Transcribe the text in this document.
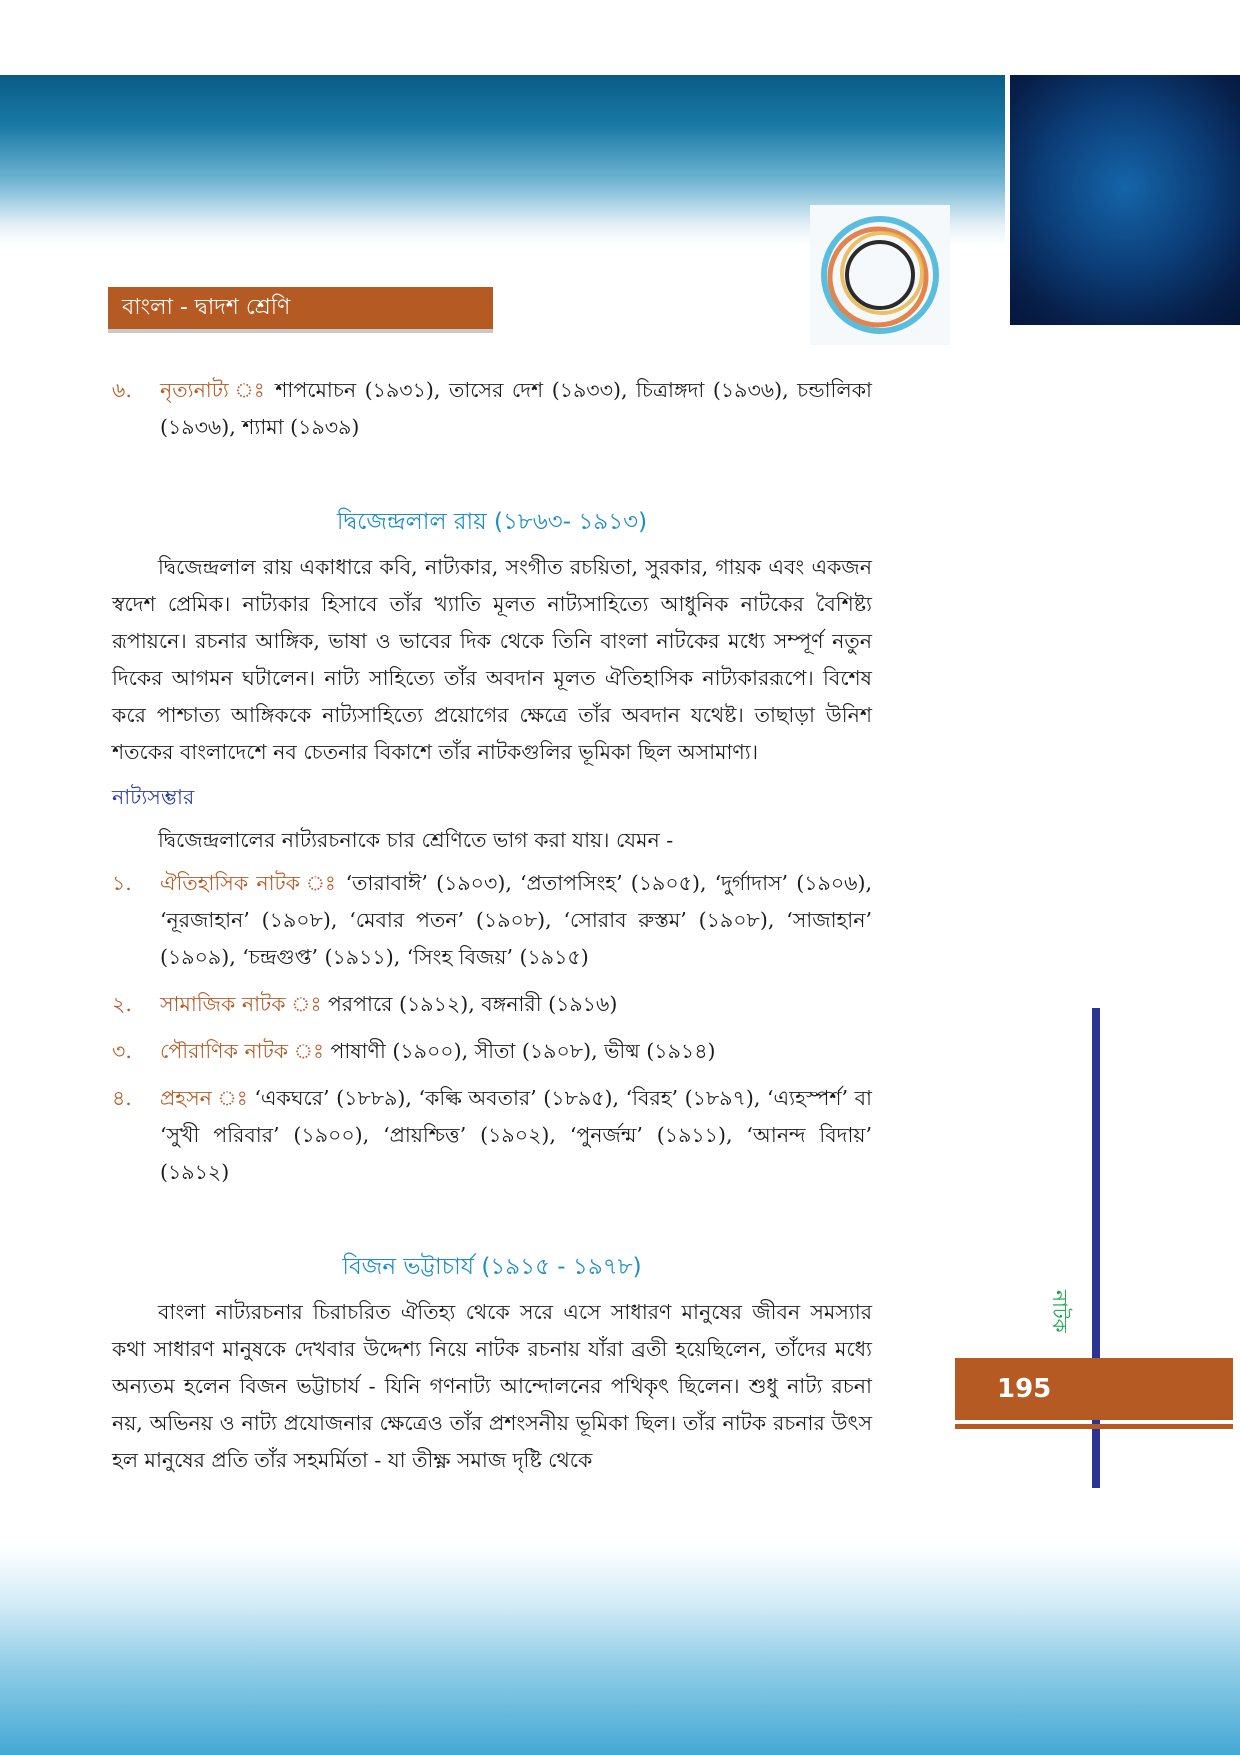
বাংলা - দ্বাদশ শ্রেণি
৬.	নৃত্যনাট্য ঃ শাপমোচন (১৯৩১), তাসের দেশ (১৯৩৩), চিত্রাঙ্গদা (১৯৩৬), চন্ডালিকা (১৯৩৬), শ্যামা (১৯৩৯)
দ্বিজেন্দ্রলাল রায় (১৮৬৩- ১৯১৩)

দ্বিজেন্দ্রলাল রায় একাধারে কবি, নাট্যকার, সংগীত রচয়িতা, সুরকার, গায়ক এবং একজন স্বদেশ প্রেমিক। নাট্যকার হিসাবে তাঁর খ্যাতি মূলত নাট্যসাহিত্যে আধুনিক নাটকের বৈশিষ্ট্য রূপায়নে। রচনার আঙ্গিক, ভাষা ও ভাবের দিক থেকে তিনি বাংলা নাটকের মধ্যে সম্পূর্ণ নতুন দিকের আগমন ঘটালেন। নাট্য সাহিত্যে তাঁর অবদান মূলত ঐতিহাসিক নাট্যকাররূপে। বিশেষ করে পাশ্চাত্য আঙ্গিককে নাট্যসাহিত্যে প্রয়োগের ক্ষেত্রে তাঁর অবদান যথেষ্ট। তাছাড়া উনিশ শতকের বাংলাদেশে নব চেতনার বিকাশে তাঁর নাটকগুলির ভূমিকা ছিল অসামাণ্য।

নাট্যসম্ভার

দ্বিজেন্দ্রলালের নাট্যরচনাকে চার শ্রেণিতে ভাগ করা যায়। যেমন -

১.	ঐতিহাসিক নাটক ঃ ‘তারাবাঈ’ (১৯০৩), ‘প্রতাপসিংহ’ (১৯০৫), ‘দুর্গাদাস’ (১৯০৬), ‘নূরজাহান’ (১৯০৮), ‘মেবার পতন’ (১৯০৮), ‘সোরাব রুস্তম’ (১৯০৮), ‘সাজাহান’ (১৯০৯), ‘চন্দ্রগুপ্ত’ (১৯১১), ‘সিংহ বিজয়’ (১৯১৫)
২.	সামাজিক নাটক ঃ পরপারে (১৯১২), বঙ্গনারী (১৯১৬)
৩.	পৌরাণিক নাটক ঃ পাষাণী (১৯০০), সীতা (১৯০৮), ভীষ্ম (১৯১৪)
৪.	প্রহসন ঃ ‘একঘরে’ (১৮৮৯), ‘কল্কি অবতার’ (১৮৯৫), ‘বিরহ’ (১৮৯৭), ‘এ্যহস্পর্শ’ বা ‘সুখী পরিবার’ (১৯০০), ‘প্রায়শ্চিত্ত’ (১৯০২), ‘পুনর্জন্ম’ (১৯১১), ‘আনন্দ বিদায়’ (১৯১২)
বিজন ভট্টাচার্য (১৯১৫ - ১৯৭৮)

বাংলা নাট্যরচনার চিরাচরিত ঐতিহ্য থেকে সরে এসে সাধারণ মানুষের জীবন সমস্যার কথা সাধারণ মানুষকে দেখবার উদ্দেশ্য নিয়ে নাটক রচনায় যাঁরা ব্রতী হয়েছিলেন, তাঁদের মধ্যে অন্যতম হলেন বিজন ভট্টাচার্য - যিনি গণনাট্য আন্দোলনের পথিকৃৎ ছিলেন। শুধু নাট্য রচনা নয়, অভিনয় ও নাট্য প্রযোজনার ক্ষেত্রেও তাঁর প্রশংসনীয় ভূমিকা ছিল। তাঁর নাটক রচনার উৎস হল মানুষের প্রতি তাঁর সহমর্মিতা - যা তীক্ষ্ণ সমাজ দৃষ্টি থেকে

নাটক
195
